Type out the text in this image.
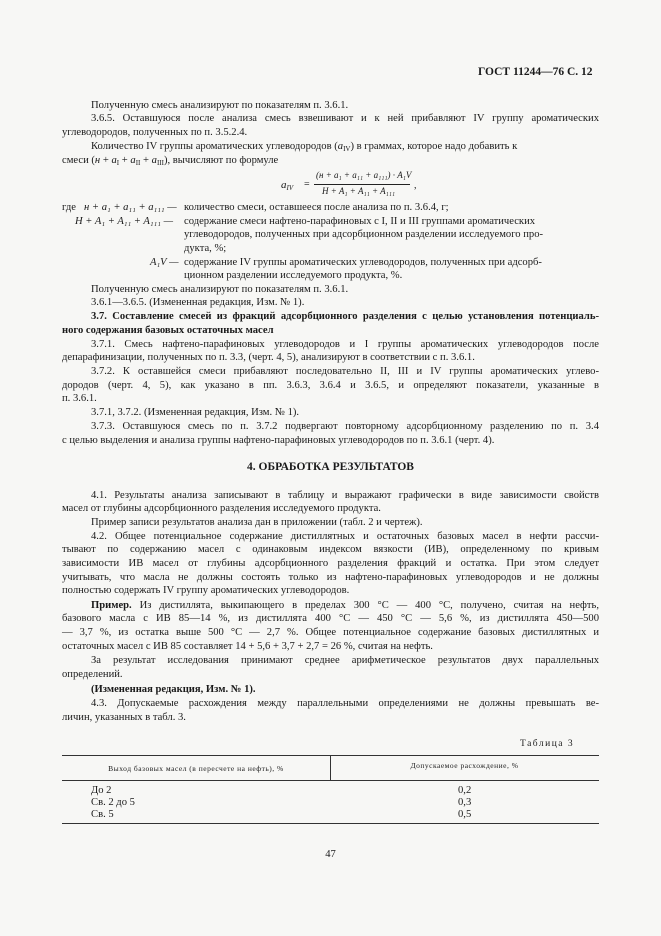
ГОСТ 11244—76 С. 12
Полученную смесь анализируют по показателям п. 3.6.1.
3.6.5. Оставшуюся после анализа смесь взвешивают и к ней прибавляют IV группу ароматических
углеводородов, полученных по п. 3.5.2.4.
Количество IV группы ароматических углеводородов $(a_{IV})$ в граммах, которое надо добавить к
смеси $(н + a_I + a_{II} + a_{III})$, вычисляют по формуле
$a_{IV}$ =
(н + a₁ + a₁₁ + a₁₁₁) · A₁V
H + A₁ + A₁₁ + A₁₁₁ ,
где н + a₁ + a₁₁ + a₁₁₁ — количество смеси, оставшееся после анализа по п. 3.6.4, г;
H + A₁ + A₁₁ + A₁₁₁ — содержание смеси нафтено-парафиновых с I, II и III группами ароматических
углеводородов, полученных при адсорбционном разделении исследуемого про-
дукта, %;
A₁V — содержание IV группы ароматических углеводородов, полученных при адсорб-
ционном разделении исследуемого продукта, %.
Полученную смесь анализируют по показателям п. 3.6.1.
3.6.1—3.6.5. (Измененная редакция, Изм. № 1).
3.7. Составление смесей из фракций адсорбционного разделения с целью установления потенциаль-
ного содержания базовых остаточных масел
3.7.1. Смесь нафтено-парафиновых углеводородов и I группы ароматических углеводородов после
депарафинизации, полученных по п. 3.3, (черт. 4, 5), анализируют в соответствии с п. 3.6.1.
3.7.2. К оставшейся смеси прибавляют последовательно II, III и IV группы ароматических углево-
дородов (черт. 4, 5), как указано в пп. 3.6.3, 3.6.4 и 3.6.5, и определяют показатели, указанные в
п. 3.6.1.
3.7.1, 3.7.2. (Измененная редакция, Изм. № 1).
3.7.3. Оставшуюся смесь по п. 3.7.2 подвергают повторному адсорбционному разделению по п. 3.4
с целью выделения и анализа группы нафтено-парафиновых углеводородов по п. 3.6.1 (черт. 4).
4. ОБРАБОТКА РЕЗУЛЬТАТОВ
4.1. Результаты анализа записывают в таблицу и выражают графически в виде зависимости свойств
масел от глубины адсорбционного разделения исследуемого продукта.
Пример записи результатов анализа дан в приложении (табл. 2 и чертеж).
4.2. Общее потенциальное содержание дистиллятных и остаточных базовых масел в нефти рассчи-
тывают по содержанию масел с одинаковым индексом вязкости (ИВ), определенному по кривым
зависимости ИВ масел от глубины адсорбционного разделения фракций и остатка. При этом следует
учитывать, что масла не должны состоять только из нафтено-парафиновых углеводородов и не должны
полностью содержать IV группу ароматических углеводородов.
Пример. Из дистиллята, выкипающего в пределах 300 °С — 400 °С, получено, считая на нефть,
базового масла с ИВ 85—14 %, из дистиллята 400 °С — 450 °С — 5,6 %, из дистиллята 450—500
— 3,7 %, из остатка выше 500 °С — 2,7 %. Общее потенциальное содержание базовых дистиллятных и
остаточных масел с ИВ 85 составляет 14 + 5,6 + 3,7 + 2,7 = 26 %, считая на нефть.
За результат исследования принимают среднее арифметическое результатов двух параллельных
определений.
(Измененная редакция, Изм. № 1).
4.3. Допускаемые расхождения между параллельными определениями не должны превышать ве-
личин, указанных в табл. 3.
Таблица 3
Выход базовых масел (в пересчете на нефть), %	Допускаемое расхождение, %
До 2	0,2
Св. 2 до 5	0,3
Св. 5	0,5
47
